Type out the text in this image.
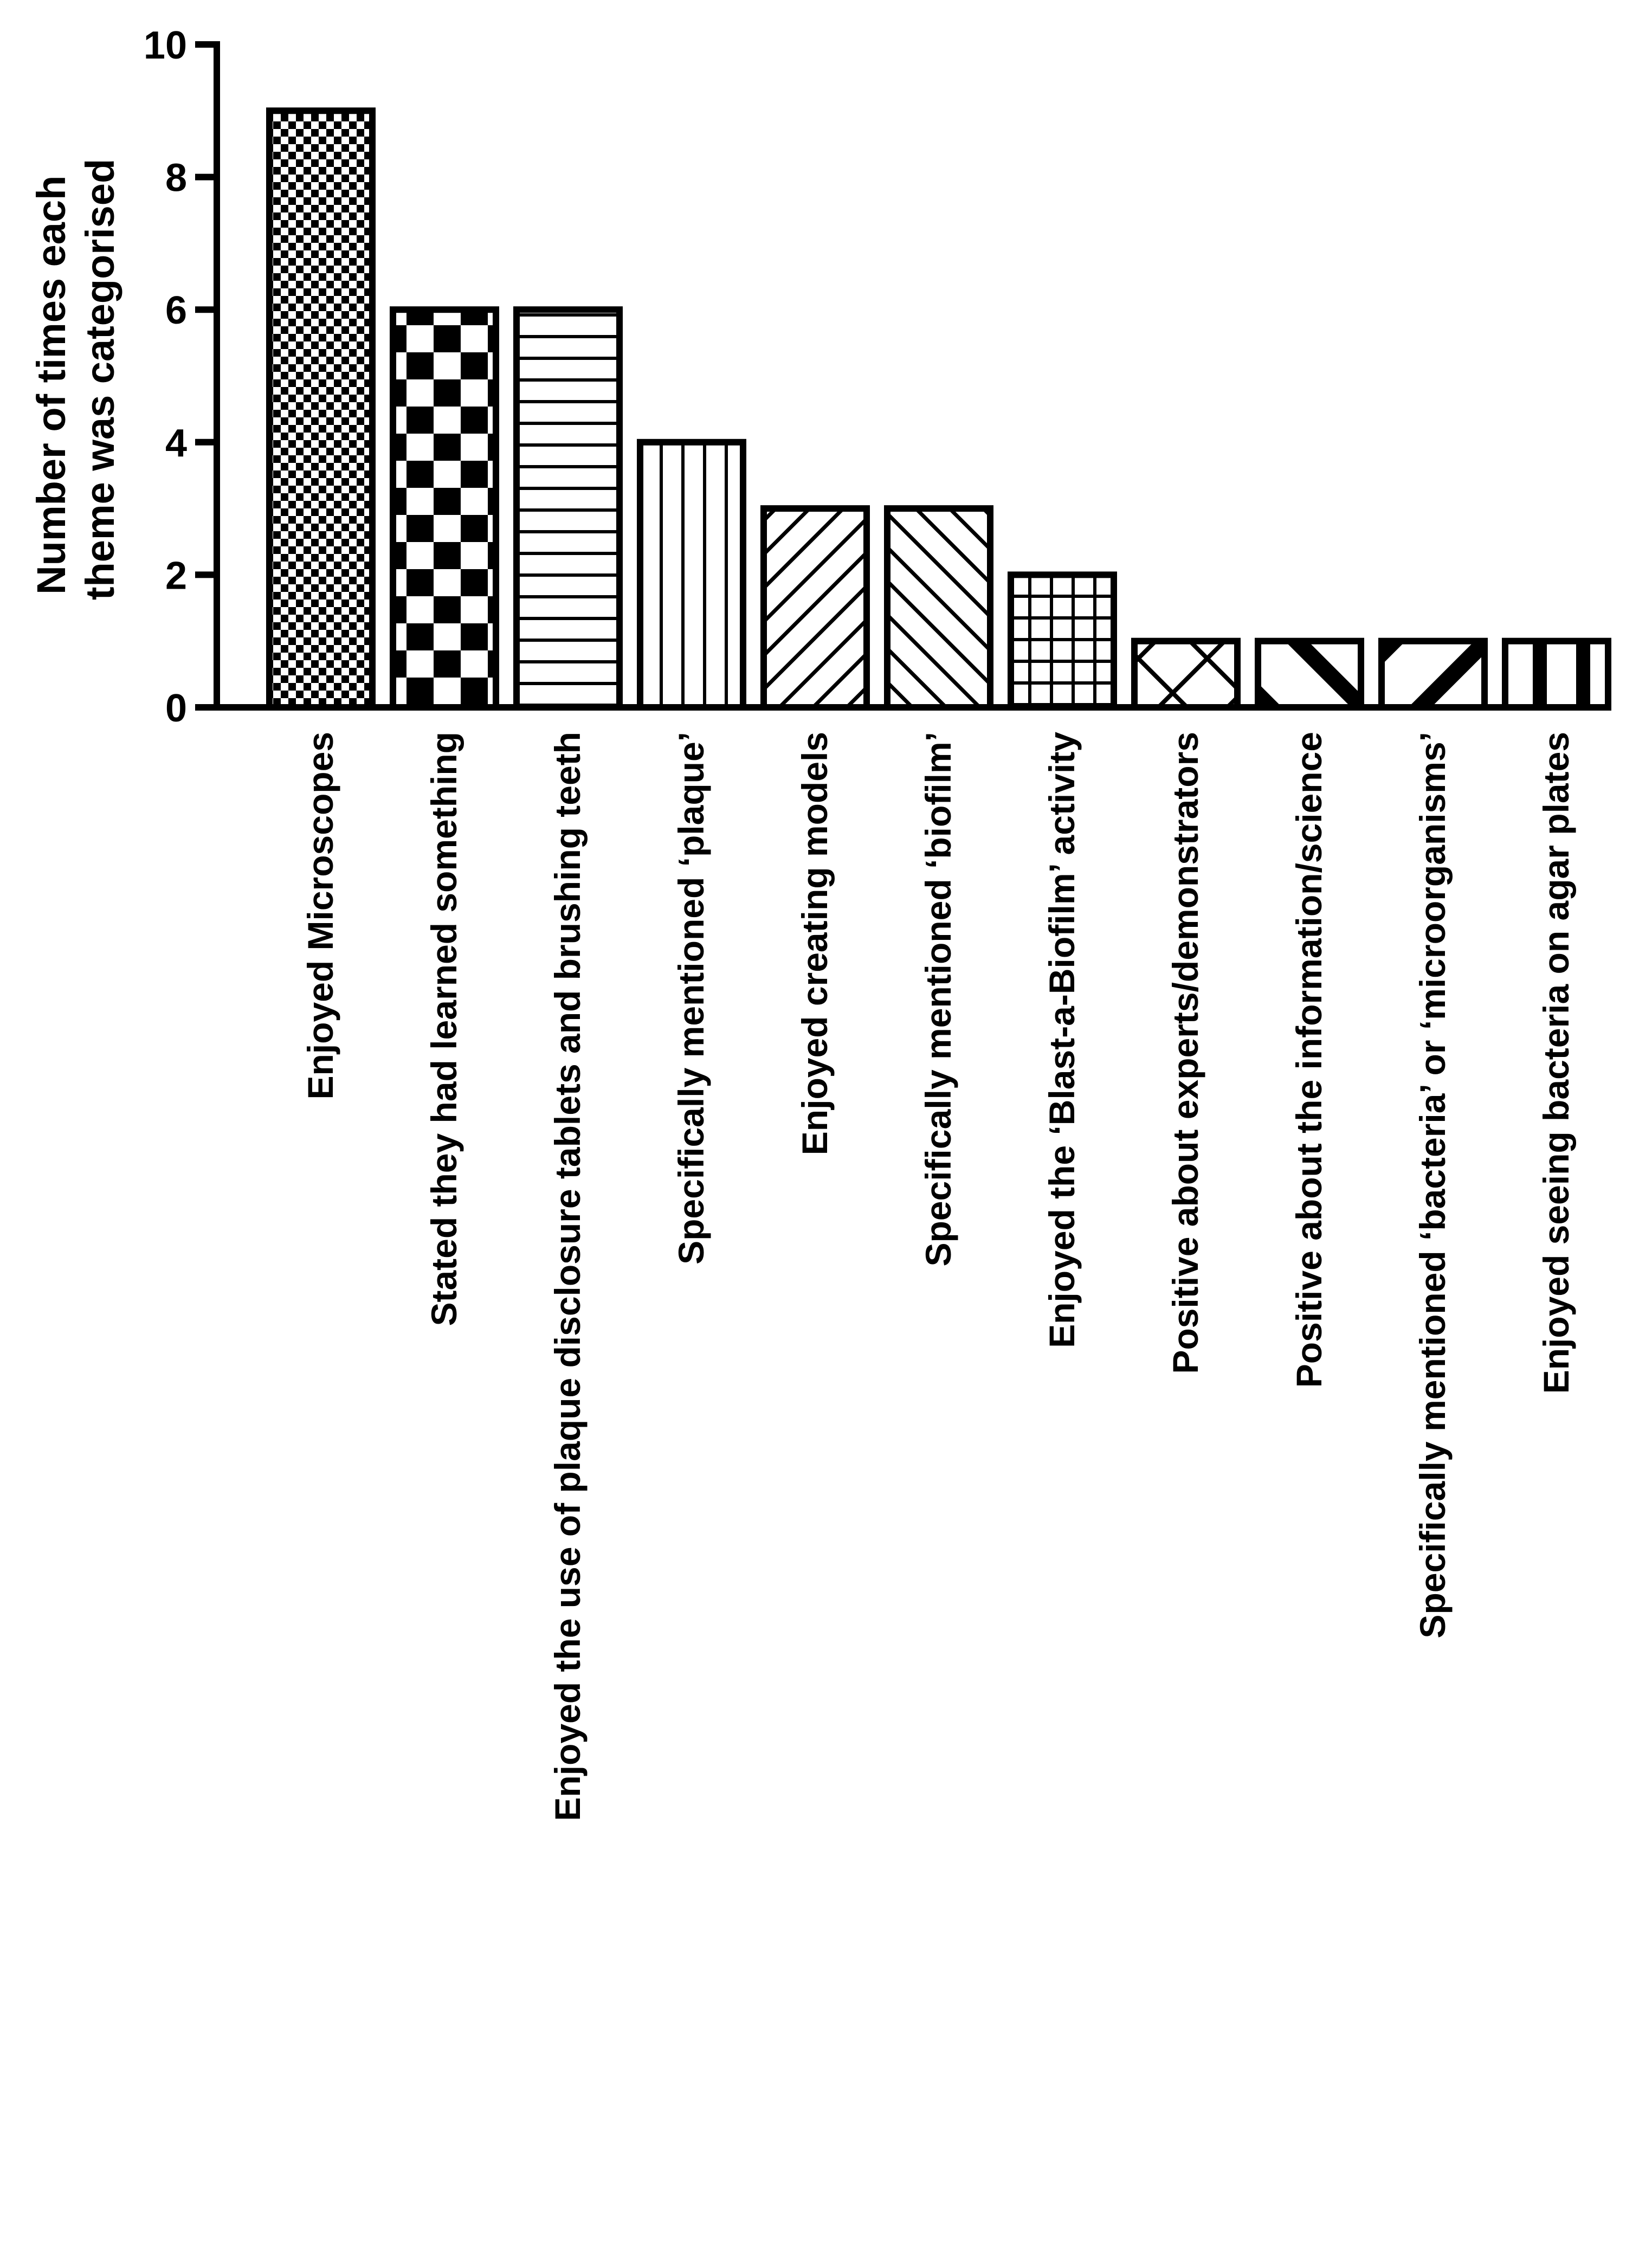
Number of times each theme was categorised
0
2
4
6
8
10
Enjoyed Microscopes Stated they had learned something Enjoyed the use of plaque disclosure tablets and brushing teeth Specifically mentioned ‘plaque’ Enjoyed creating models Specifically mentioned ‘biofilm’ Enjoyed the ‘Blast-a-Biofilm’ activity Positive about experts/demonstrators Positive about the information/science Specifically mentioned ‘bacteria’ or ‘microorganisms’ Enjoyed seeing bacteria on agar plates
